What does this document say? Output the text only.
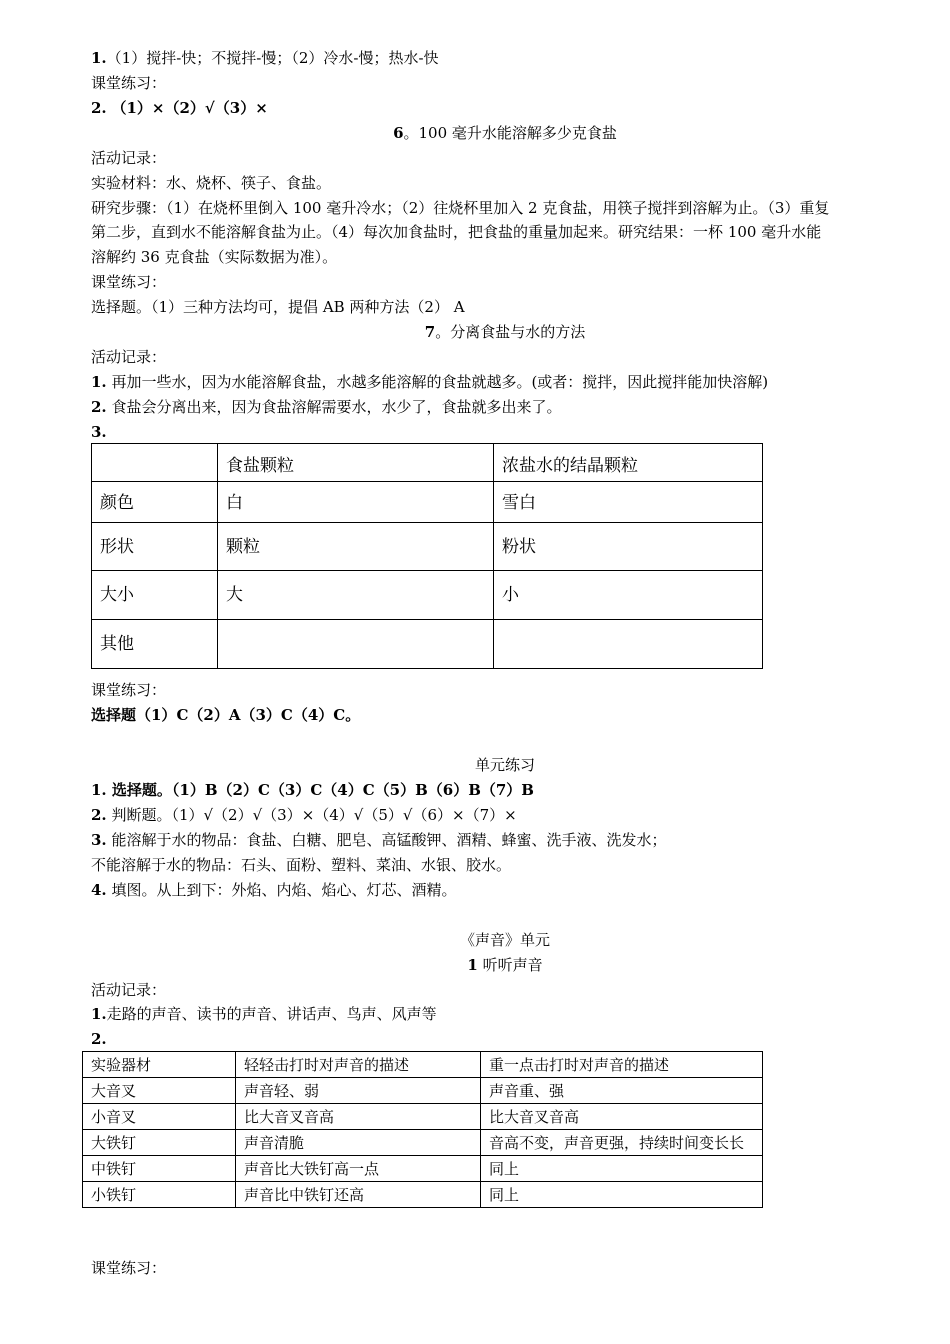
1.（1）搅拌-快；不搅拌-慢；（2）冷水-慢；热水-快
课堂练习：
2. （1）×（2）√（3）×
6。100 毫升水能溶解多少克食盐
活动记录：
实验材料：水、烧杯、筷子、食盐。
研究步骤：（1）在烧杯里倒入 100 毫升冷水；（2）往烧杯里加入 2 克食盐，用筷子搅拌到溶解为止。（3）重复
第二步，直到水不能溶解食盐为止。（4）每次加食盐时，把食盐的重量加起来。研究结果：一杯 100 毫升水能
溶解约 36 克食盐（实际数据为准）。
课堂练习：
选择题。（1）三种方法均可，提倡 AB 两种方法（2） A
7。分离食盐与水的方法
活动记录：
1. 再加一些水，因为水能溶解食盐，水越多能溶解的食盐就越多。(或者：搅拌，因此搅拌能加快溶解)
2. 食盐会分离出来，因为食盐溶解需要水，水少了，食盐就多出来了。
3.
	食盐颗粒	浓盐水的结晶颗粒
颜色	白	雪白
形状	颗粒	粉状
大小	大	小
其他		
课堂练习：
选择题（1）C（2）A（3）C（4）C。
单元练习
1. 选择题。（1）B（2）C（3）C（4）C（5）B（6）B（7）B
2. 判断题。（1）√（2）√（3）×（4）√（5）√（6）×（7）×
3. 能溶解于水的物品：食盐、白糖、肥皂、高锰酸钾、酒精、蜂蜜、洗手液、洗发水；
不能溶解于水的物品：石头、面粉、塑料、菜油、水银、胶水。
4. 填图。从上到下：外焰、内焰、焰心、灯芯、酒精。
《声音》单元
1 听听声音
活动记录：
1.走路的声音、读书的声音、讲话声、鸟声、风声等
2.
实验器材	轻轻击打时对声音的描述	重一点击打时对声音的描述
大音叉	声音轻、弱	声音重、强
小音叉	比大音叉音高	比大音叉音高
大铁钉	声音清脆	音高不变，声音更强，持续时间变长长
中铁钉	声音比大铁钉高一点	同上
小铁钉	声音比中铁钉还高	同上
课堂练习：
